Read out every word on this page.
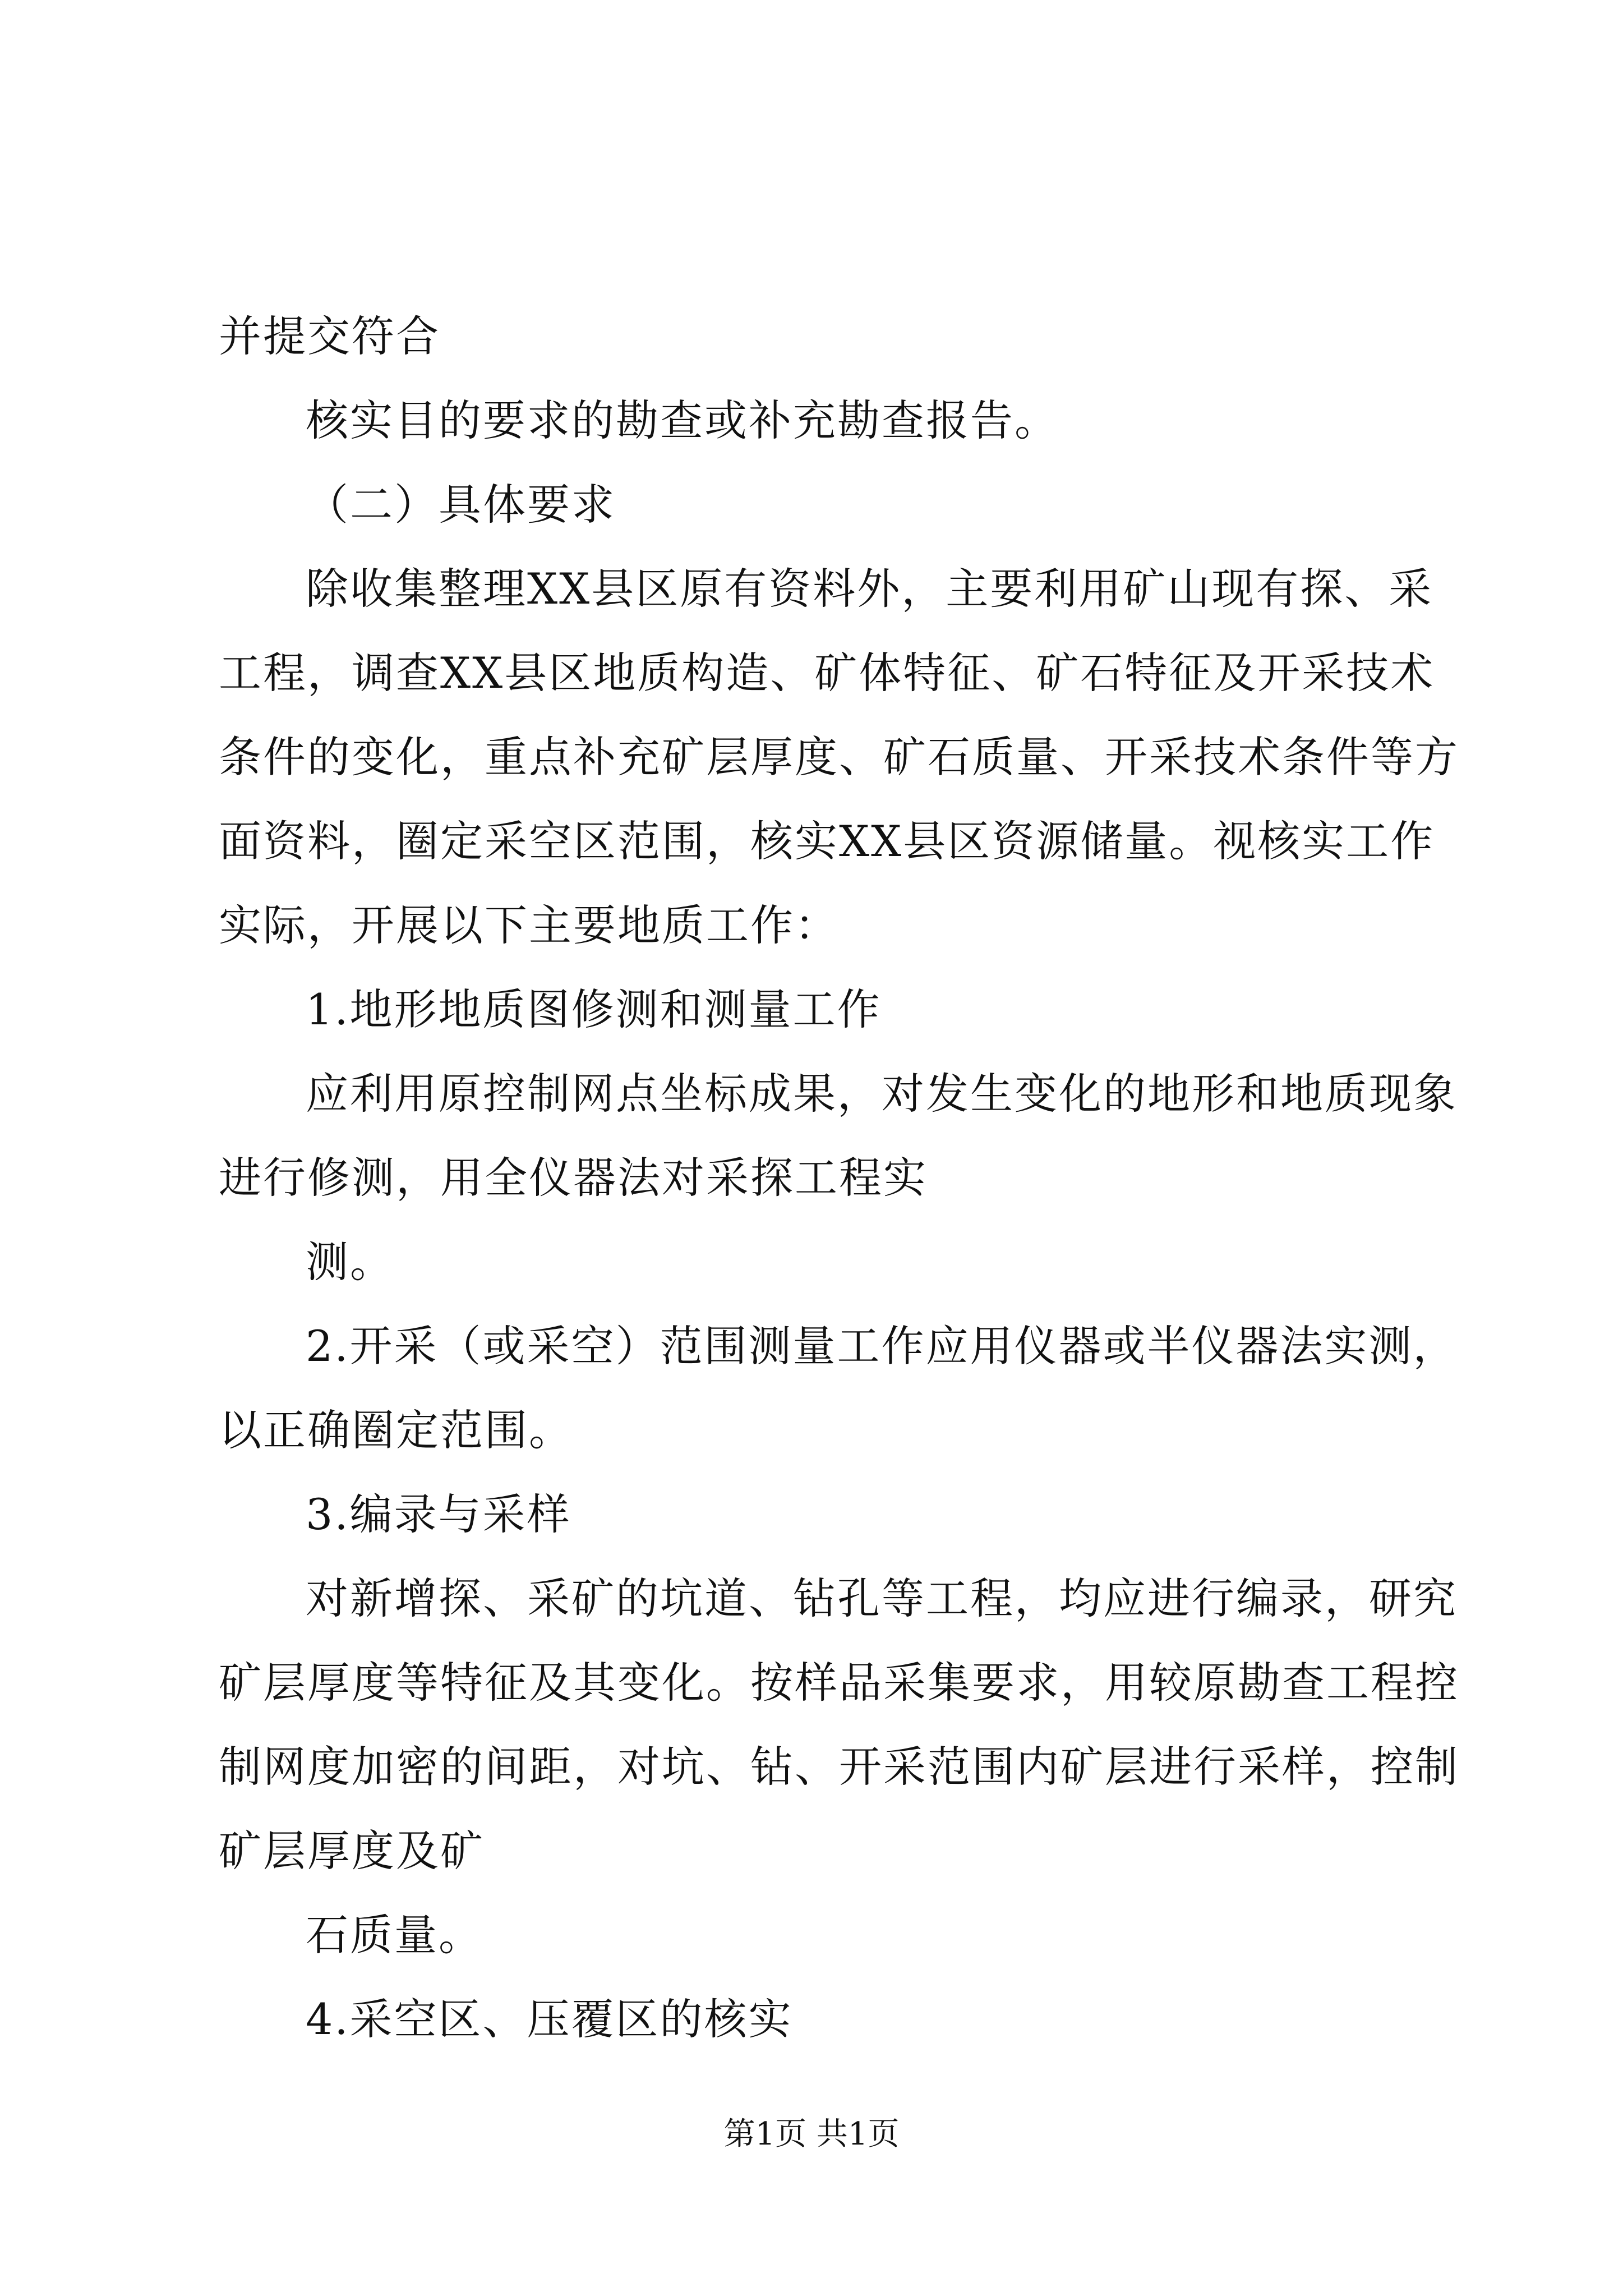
并提交符合
核实目的要求的勘查或补充勘查报告。
（二）具体要求
除收集整理XX县区原有资料外，主要利用矿山现有探、采
工程，调查XX县区地质构造、矿体特征、矿石特征及开采技术
条件的变化，重点补充矿层厚度、矿石质量、开采技术条件等方
面资料，圈定采空区范围，核实XX县区资源储量。视核实工作
实际，开展以下主要地质工作：
1.地形地质图修测和测量工作
应利用原控制网点坐标成果，对发生变化的地形和地质现象
进行修测，用全仪器法对采探工程实
测。
2.开采（或采空）范围测量工作应用仪器或半仪器法实测，
以正确圈定范围。
3.编录与采样
对新增探、采矿的坑道、钻孔等工程，均应进行编录，研究
矿层厚度等特征及其变化。按样品采集要求，用较原勘查工程控
制网度加密的间距，对坑、钻、开采范围内矿层进行采样，控制
矿层厚度及矿
石质量。
4.采空区、压覆区的核实
第1页 共1页
